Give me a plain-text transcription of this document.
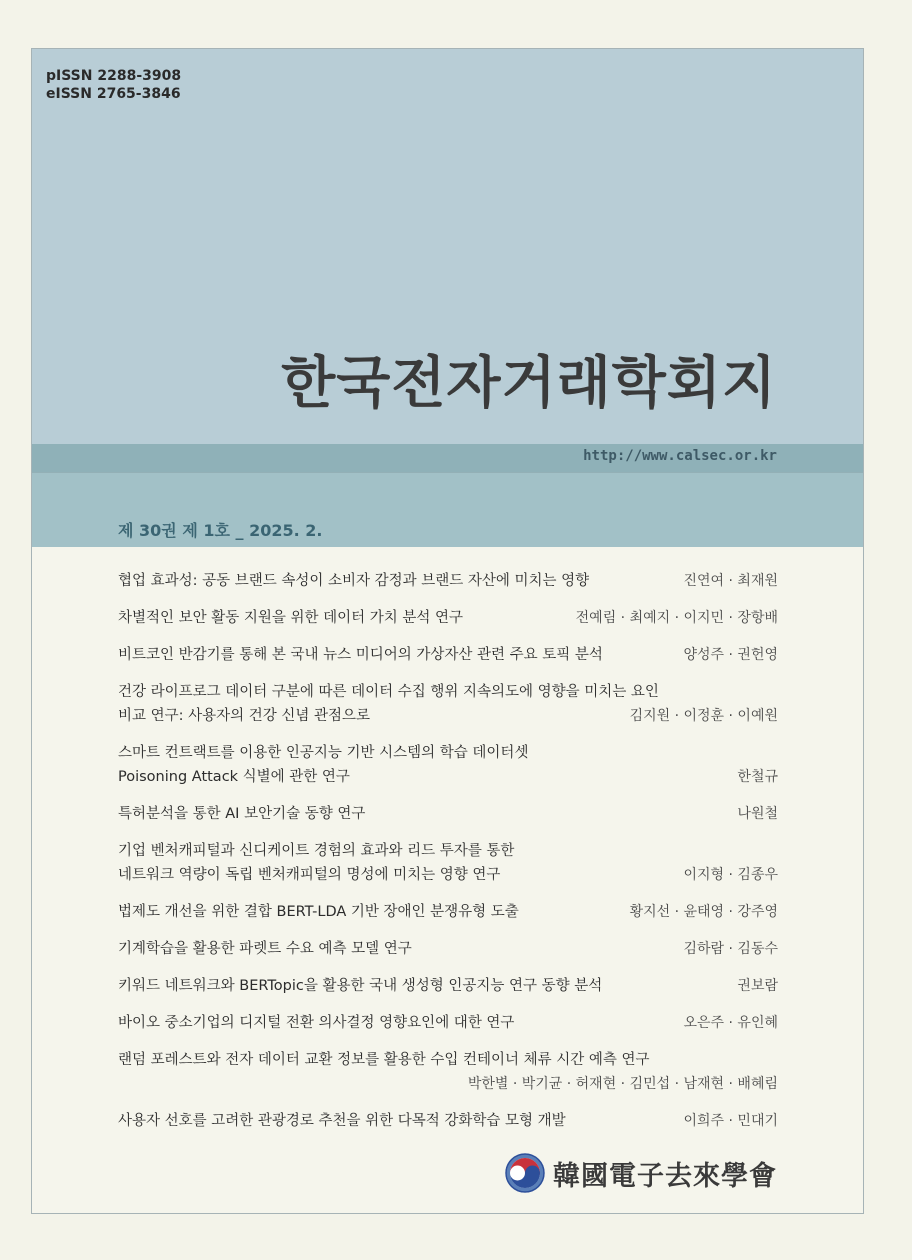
pISSN 2288-3908
eISSN 2765-3846
한국전자거래학회지
http://www.calsec.or.kr
제 30권 제 1호 _ 2025. 2.
협업 효과성: 공동 브랜드 속성이 소비자 감정과 브랜드 자산에 미치는 영향	진연여 · 최재원
차별적인 보안 활동 지원을 위한 데이터 가치 분석 연구	전예림 · 최예지 · 이지민 · 장항배
비트코인 반감기를 통해 본 국내 뉴스 미디어의 가상자산 관련 주요 토픽 분석	양성주 · 권헌영
건강 라이프로그 데이터 구분에 따른 데이터 수집 행위 지속의도에 영향을 미치는 요인
비교 연구: 사용자의 건강 신념 관점으로	김지원 · 이정훈 · 이예원
스마트 컨트랙트를 이용한 인공지능 기반 시스템의 학습 데이터셋
Poisoning Attack 식별에 관한 연구	한철규
특허분석을 통한 AI 보안기술 동향 연구	나원철
기업 벤처캐피털과 신디케이트 경험의 효과와 리드 투자를 통한
네트워크 역량이 독립 벤처캐피털의 명성에 미치는 영향 연구	이지형 · 김종우
법제도 개선을 위한 결합 BERT-LDA 기반 장애인 분쟁유형 도출	황지선 · 윤태영 · 강주영
기계학습을 활용한 파렛트 수요 예측 모델 연구	김하람 · 김동수
키워드 네트워크와 BERTopic을 활용한 국내 생성형 인공지능 연구 동향 분석	권보람
바이오 중소기업의 디지털 전환 의사결정 영향요인에 대한 연구	오은주 · 유인혜
랜덤 포레스트와 전자 데이터 교환 정보를 활용한 수입 컨테이너 체류 시간 예측 연구
박한별 · 박기균 · 허재현 · 김민섭 · 남재현 · 배혜림
사용자 선호를 고려한 관광경로 추천을 위한 다목적 강화학습 모형 개발	이희주 · 민대기
韓國電子去來學會
